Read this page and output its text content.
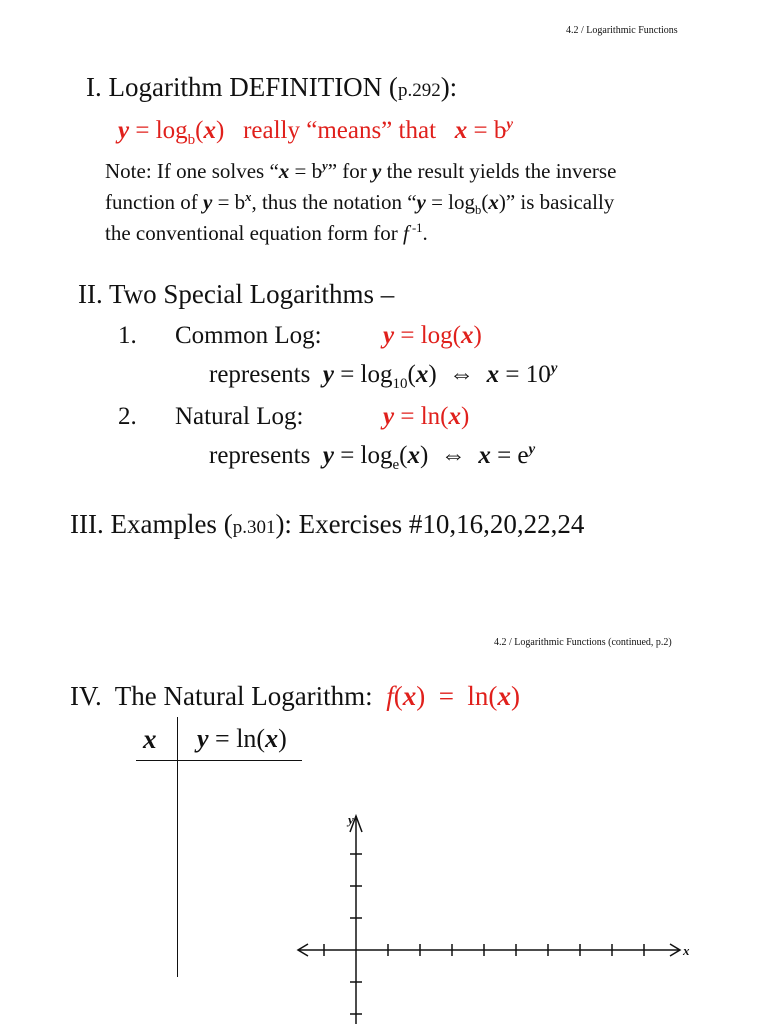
4.2 / Logarithmic Functions
I. Logarithm DEFINITION (p.292):
$y = \log_b(x)$   really “means” that   $x = b^y$
Note: If one solves “$x = b^y$” for y the result yields the inverse
function of $y = b^x$, thus the notation “$y = \log_b(x)$” is basically
the conventional equation form for f $^{-1}$.
II. Two Special Logarithms –
1. Common Log: y = log(x)
represents $y = \log_{10}(x)$  ⇔  $x = 10^y$
2. Natural Log:	y = ln(x)
represents $y = \log_e(x)$  ⇔  $x = e^y$
III. Examples (p.301): Exercises #10,16,20,22,24
4.2 / Logarithmic Functions (continued, p.2)
IV.  The Natural Logarithm:  f(x)  =  ln(x)
x y = ln(x)
y
x
